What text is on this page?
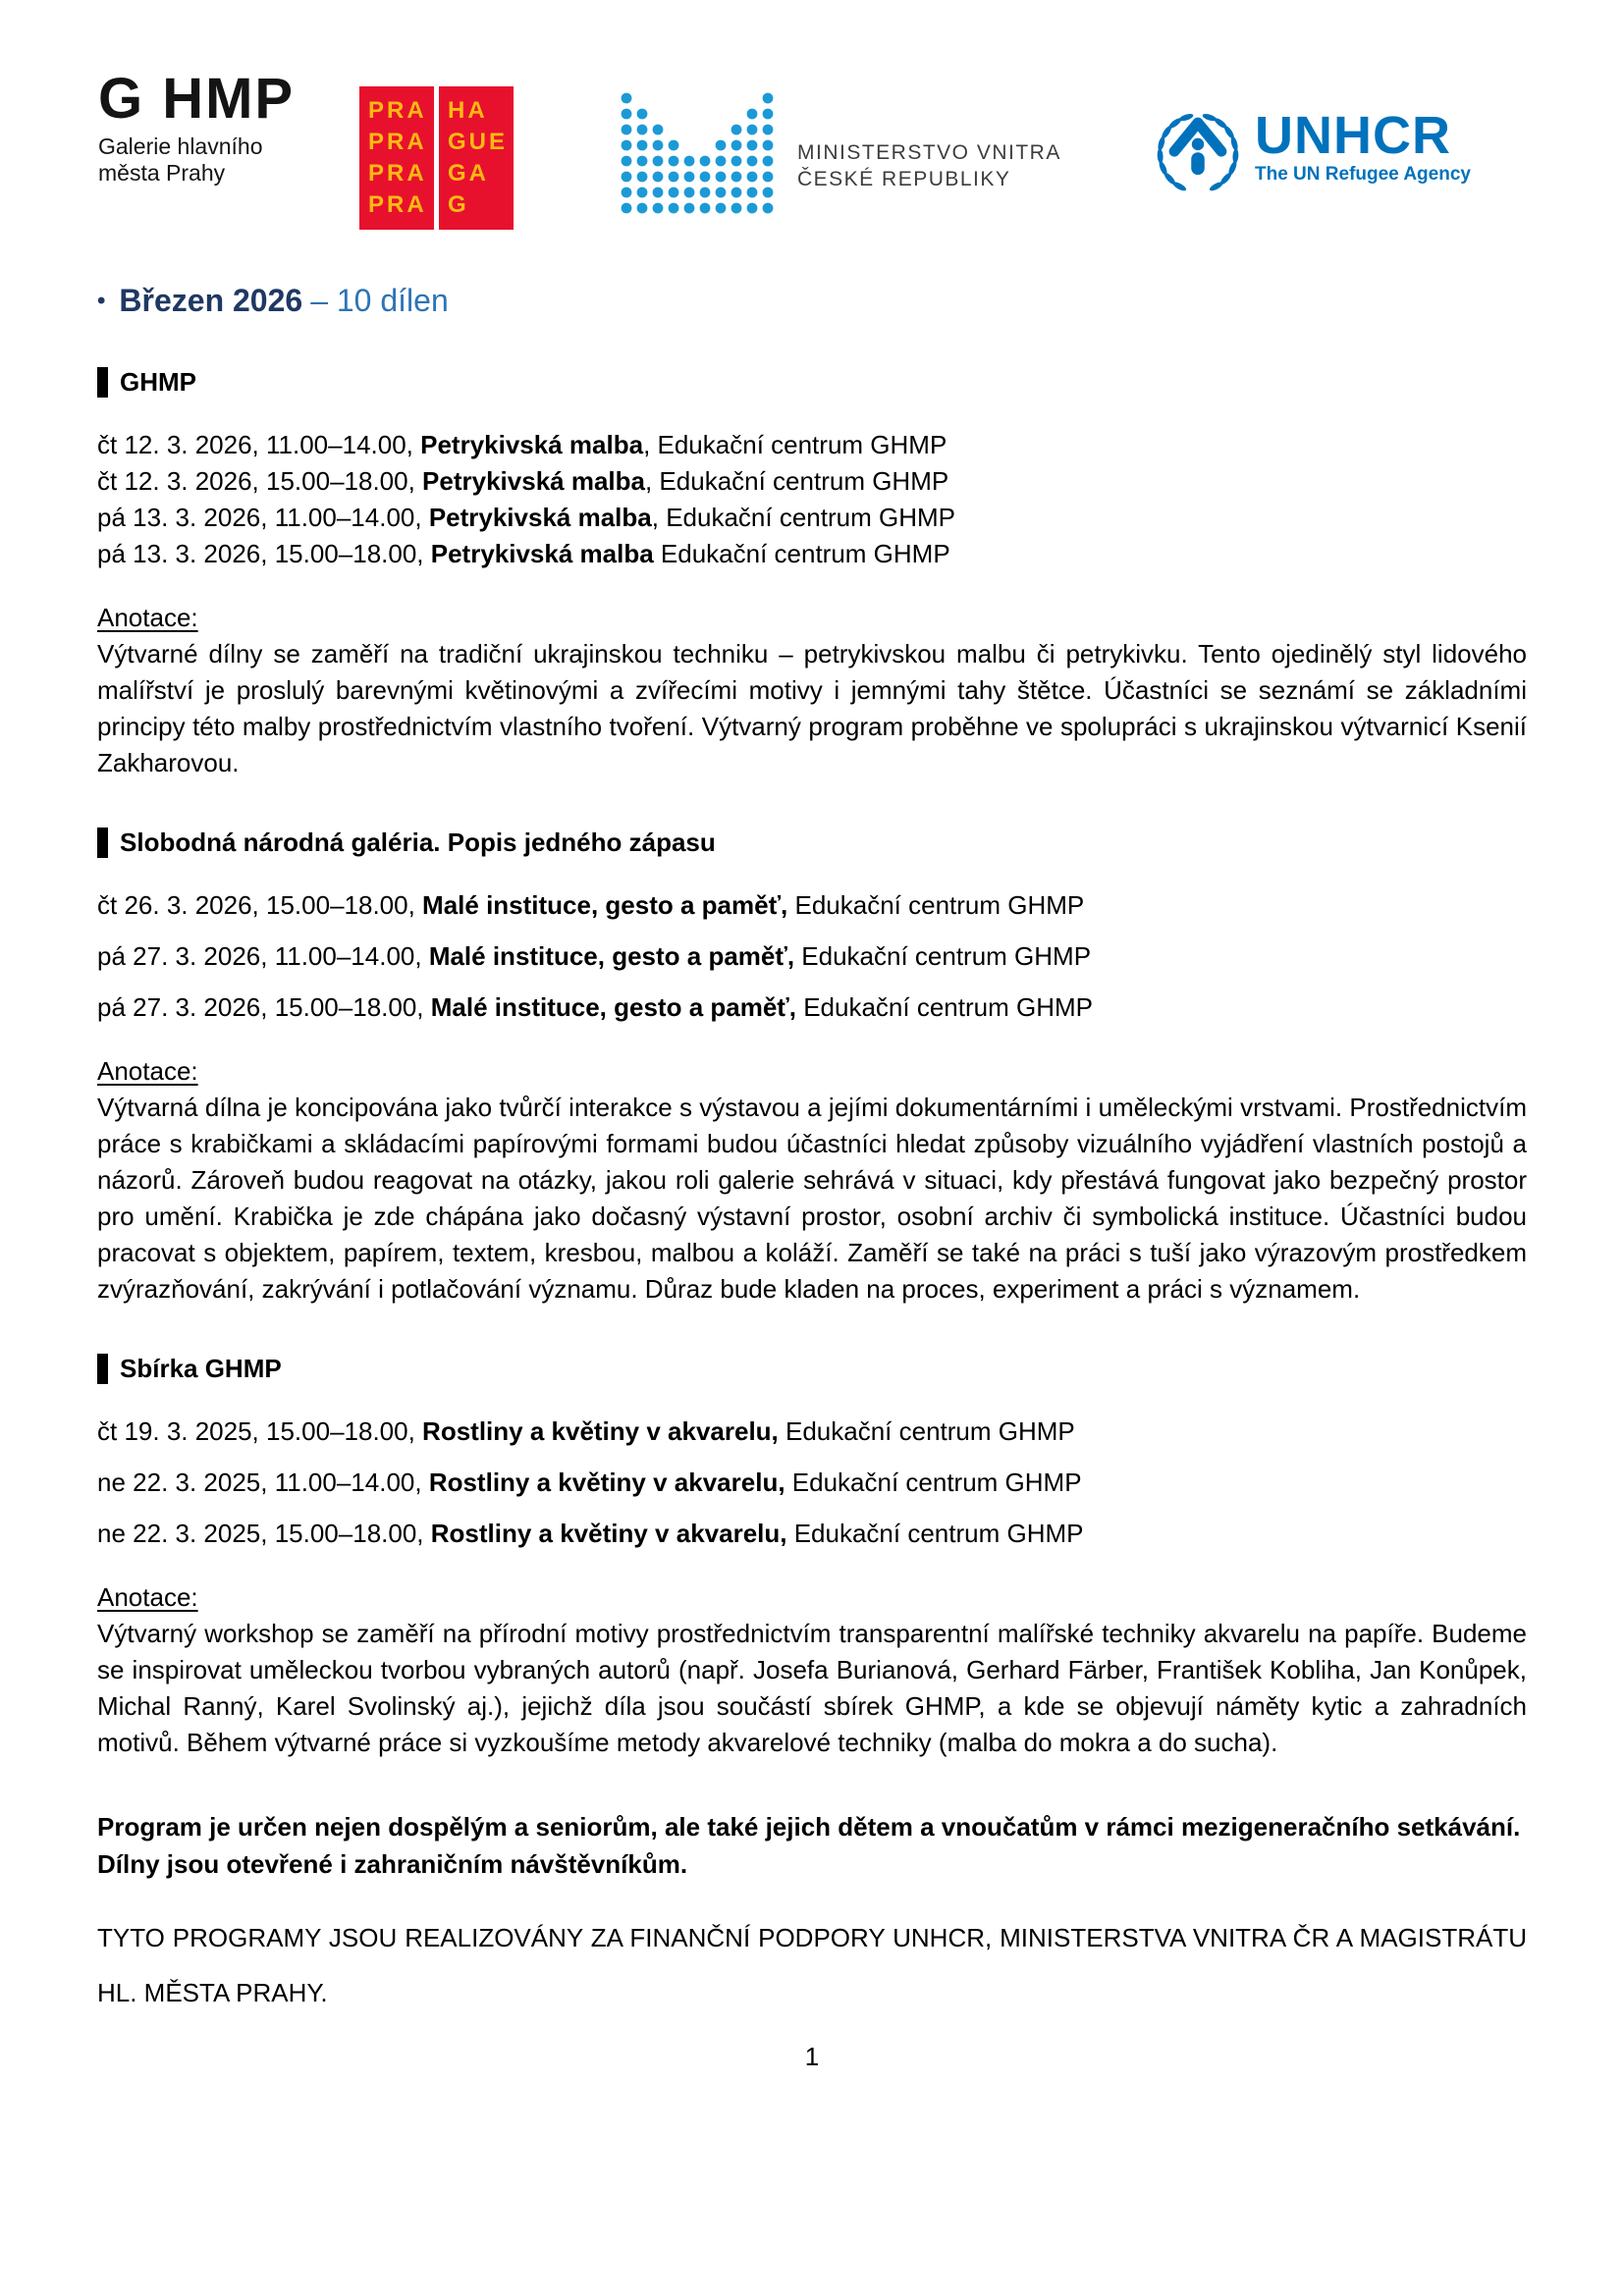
G HMP
Galerie hlavního
města Prahy
PRA
PRA
PRA
PRA
HA
GUE
GA
G
MINISTERSTVO VNITRA
ČESKÉ REPUBLIKY
UNHCR
The UN Refugee Agency
• Březen 2026 – 10 dílen
GHMP

čt 12. 3. 2026, 11.00–14.00, Petrykivská malba, Edukační centrum GHMP

čt 12. 3. 2026, 15.00–18.00, Petrykivská malba, Edukační centrum GHMP

pá 13. 3. 2026, 11.00–14.00, Petrykivská malba, Edukační centrum GHMP

pá 13. 3. 2026, 15.00–18.00, Petrykivská malba Edukační centrum GHMP

Anotace:

Výtvarné dílny se zaměří na tradiční ukrajinskou techniku – petrykivskou malbu či petrykivku. Tento ojedinělý styl lidového malířství je proslulý barevnými květinovými a zvířecími motivy i jemnými tahy štětce. Účastníci se seznámí se základními principy této malby prostřednictvím vlastního tvoření. Výtvarný program proběhne ve spolupráci s ukrajinskou výtvarnicí Ksenií Zakharovou.

Slobodná národná galéria. Popis jedného zápasu

čt 26. 3. 2026, 15.00–18.00, Malé instituce, gesto a paměť, Edukační centrum GHMP

pá 27. 3. 2026, 11.00–14.00, Malé instituce, gesto a paměť, Edukační centrum GHMP

pá 27. 3. 2026, 15.00–18.00, Malé instituce, gesto a paměť, Edukační centrum GHMP

Anotace:

Výtvarná dílna je koncipována jako tvůrčí interakce s výstavou a jejími dokumentárními i uměleckými vrstvami. Prostřednictvím práce s krabičkami a skládacími papírovými formami budou účastníci hledat způsoby vizuálního vyjádření vlastních postojů a názorů. Zároveň budou reagovat na otázky, jakou roli galerie sehrává v situaci, kdy přestává fungovat jako bezpečný prostor pro umění. Krabička je zde chápána jako dočasný výstavní prostor, osobní archiv či symbolická instituce. Účastníci budou pracovat s objektem, papírem, textem, kresbou, malbou a koláží. Zaměří se také na práci s tuší jako výrazovým prostředkem zvýrazňování, zakrývání i potlačování významu. Důraz bude kladen na proces, experiment a práci s významem.

Sbírka GHMP

čt 19. 3. 2025, 15.00–18.00, Rostliny a květiny v akvarelu, Edukační centrum GHMP

ne 22. 3. 2025, 11.00–14.00, Rostliny a květiny v akvarelu, Edukační centrum GHMP

ne 22. 3. 2025, 15.00–18.00, Rostliny a květiny v akvarelu, Edukační centrum GHMP

Anotace:

Výtvarný workshop se zaměří na přírodní motivy prostřednictvím transparentní malířské techniky akvarelu na papíře. Budeme se inspirovat uměleckou tvorbou vybraných autorů (např. Josefa Burianová, Gerhard Färber, František Kobliha, Jan Konůpek, Michal Ranný, Karel Svolinský aj.), jejichž díla jsou součástí sbírek GHMP, a kde se objevují náměty kytic a zahradních motivů. Během výtvarné práce si vyzkoušíme metody akvarelové techniky (malba do mokra a do sucha).

Program je určen nejen dospělým a seniorům, ale také jejich dětem a vnoučatům v rámci mezigeneračního setkávání. Dílny jsou otevřené i zahraničním návštěvníkům.

TYTO PROGRAMY JSOU REALIZOVÁNY ZA FINANČNÍ PODPORY UNHCR, MINISTERSTVA VNITRA ČR A MAGISTRÁTU HL. MĚSTA PRAHY.

1
